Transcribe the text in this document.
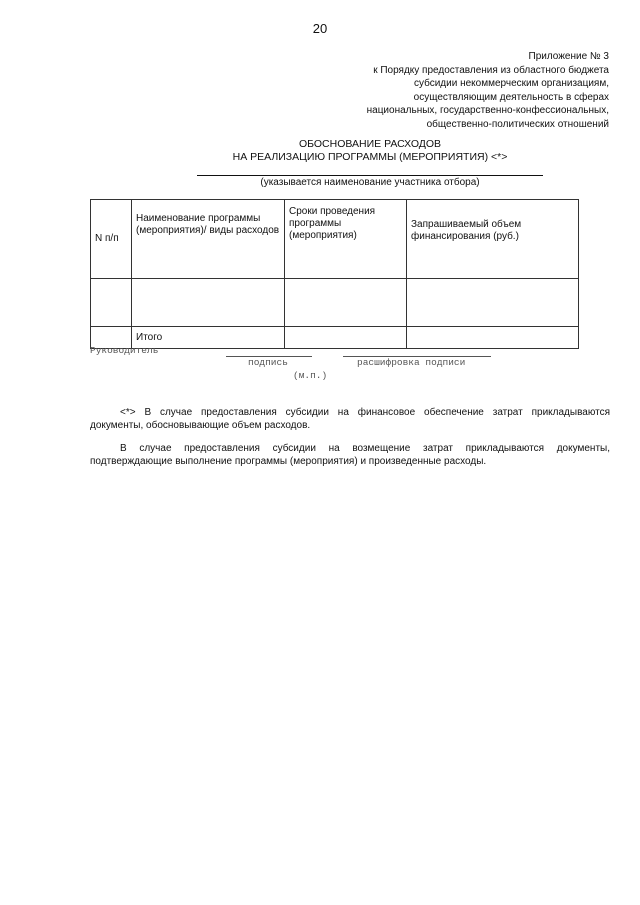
20
Приложение № 3
к Порядку предоставления из областного бюджета
субсидии некоммерческим организациям,
осуществляющим деятельность в сферах
национальных, государственно-конфессиональных,
общественно-политических отношений
ОБОСНОВАНИЕ РАСХОДОВ
НА РЕАЛИЗАЦИЮ ПРОГРАММЫ (МЕРОПРИЯТИЯ) <*>
(указывается наименование участника отбора)
N п/п	Наименование программы (мероприятия)/ виды расходов	Сроки проведения программы (мероприятия)	Запрашиваемый объем финансирования (руб.)

	Итого		
Руководитель
подпись	расшифровка подписи
(м.п.)
<*> В случае предоставления субсидии на финансовое обеспечение затрат прикладываются документы, обосновывающие объем расходов.
В случае предоставления субсидии на возмещение затрат прикладываются документы, подтверждающие выполнение программы (мероприятия) и произведенные расходы.
